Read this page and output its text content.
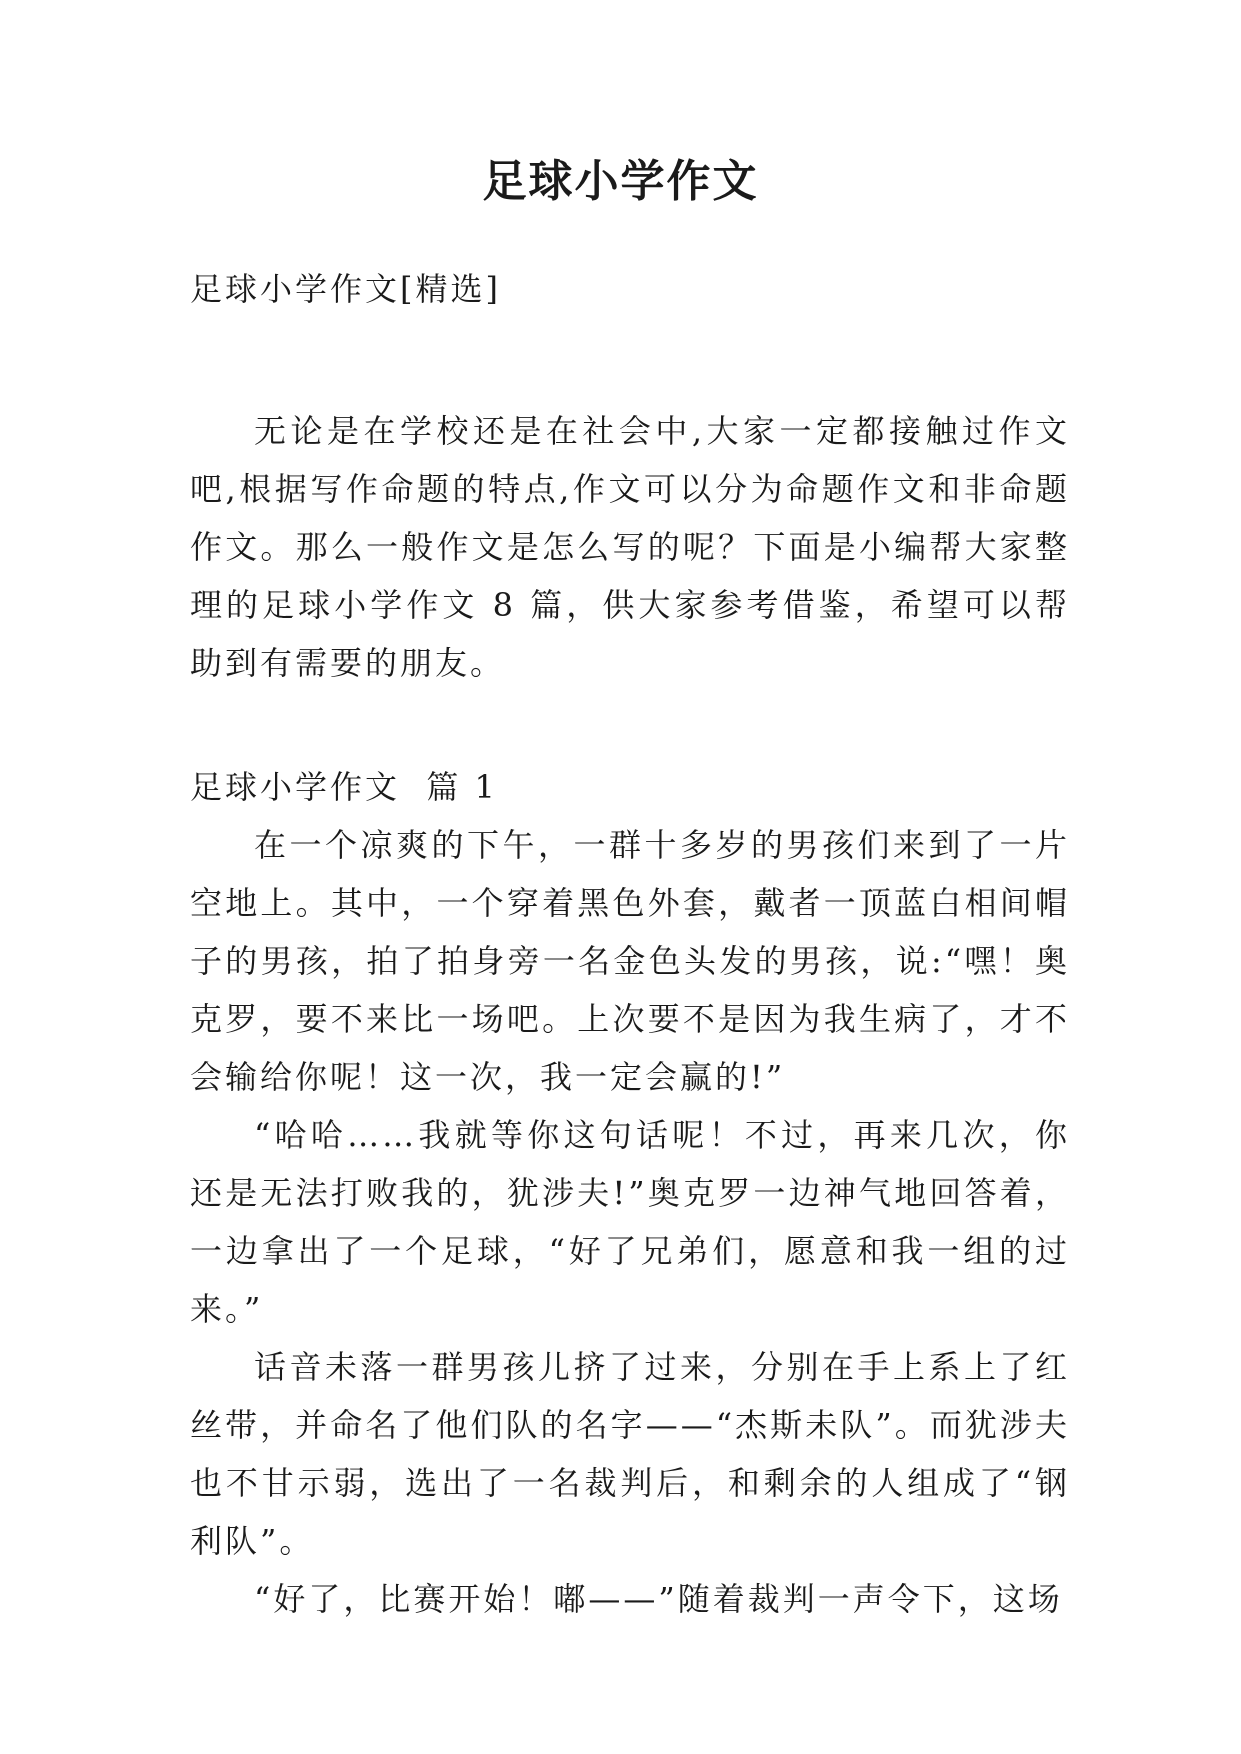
足球小学作文
足球小学作文[精选]

无论是在学校还是在社会中,大家一定都接触过作文吧,根据写作命题的特点,作文可以分为命题作文和非命题作文。那么一般作文是怎么写的呢？下面是小编帮大家整理的足球小学作文 8 篇，供大家参考借鉴，希望可以帮助到有需要的朋友。

足球小学作文  篇 1

在一个凉爽的下午，一群十多岁的男孩们来到了一片空地上。其中，一个穿着黑色外套，戴者一顶蓝白相间帽子的男孩，拍了拍身旁一名金色头发的男孩，说:“嘿！奥克罗，要不来比一场吧。上次要不是因为我生病了，才不会输给你呢！这一次，我一定会赢的!”

“哈哈……我就等你这句话呢！不过，再来几次，你还是无法打败我的，犹涉夫!”奥克罗一边神气地回答着，一边拿出了一个足球，“好了兄弟们，愿意和我一组的过来。”

话音未落一群男孩儿挤了过来，分别在手上系上了红丝带，并命名了他们队的名字——“杰斯未队”。而犹涉夫也不甘示弱，选出了一名裁判后，和剩余的人组成了“钢利队”。

“好了，比赛开始！嘟——”随着裁判一声令下，这场
